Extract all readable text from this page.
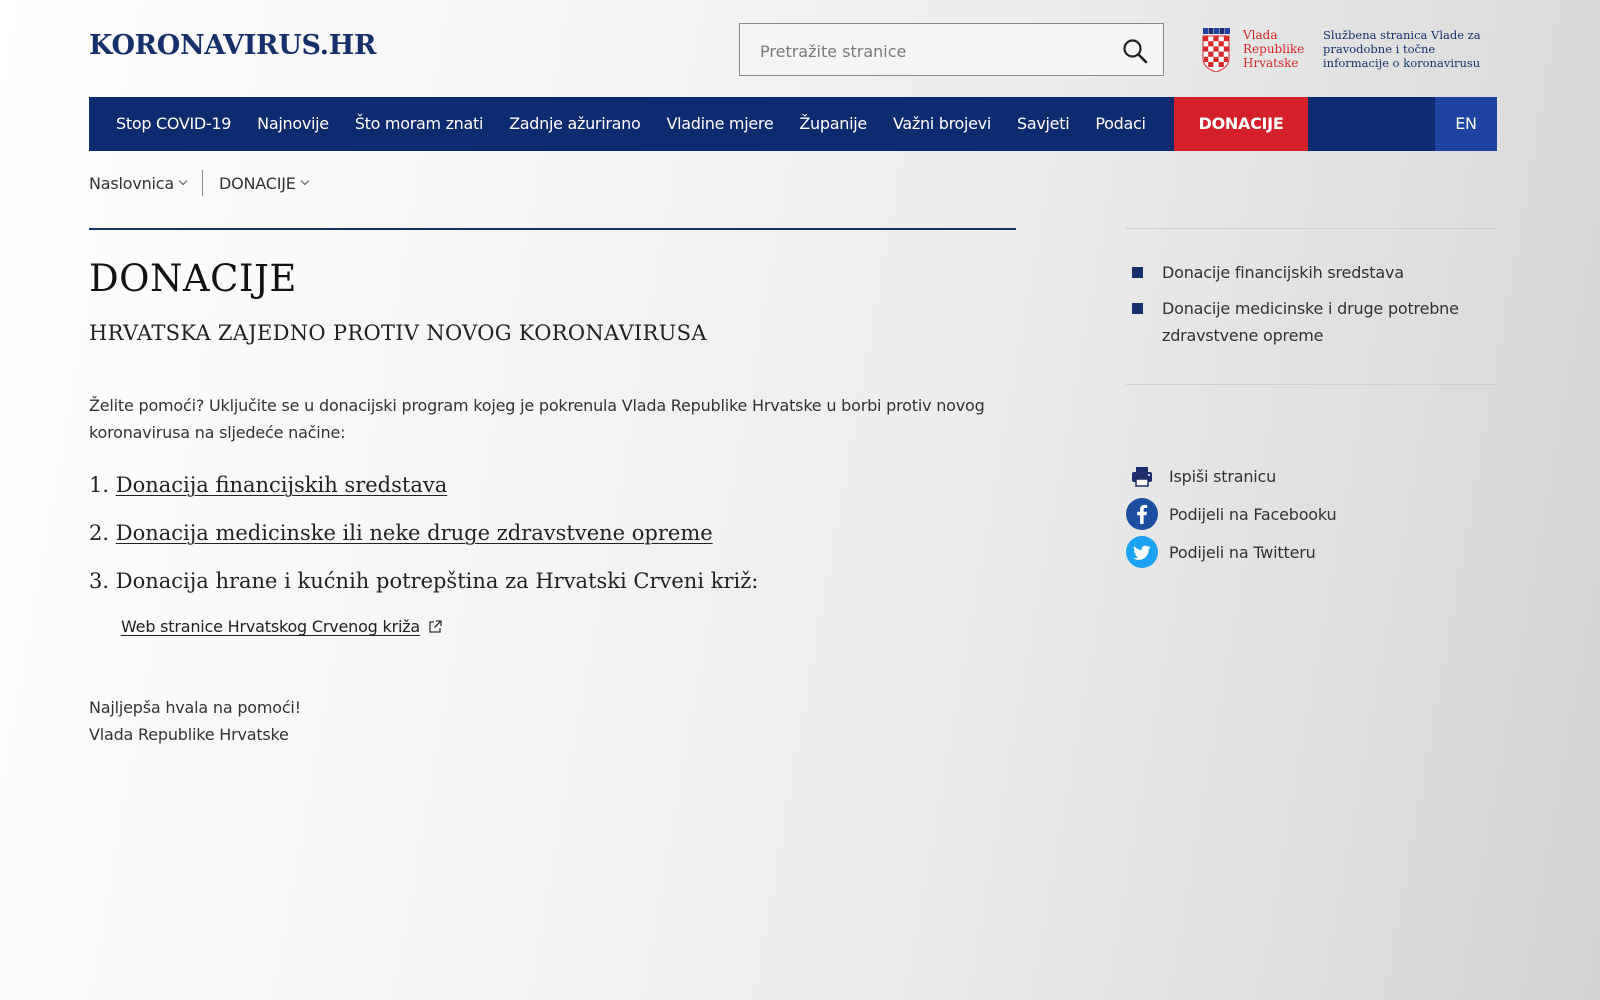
KORONAVIRUS.HR
Pretražite stranice	Vlada
Republike
Hrvatske
Službena stranica Vlade za pravodobne i točne informacije o koronavirusu
Stop COVID-19	Najnovije	Što moram znati	Zadnje ažurirano	Vladine mjere	Županije	Važni brojevi	Savjeti	Podaci	DONACIJE	EN
Naslovnica	DONACIJE
DONACIJE
HRVATSKA ZAJEDNO PROTIV NOVOG KORONAVIRUSA

Želite pomoći? Uključite se u donacijski program kojeg je pokrenula Vlada Republike Hrvatske u borbi protiv novog koronavirusa na sljedeće načine:

1. Donacija financijskih sredstava
2. Donacija medicinske ili neke druge zdravstvene opreme
3. Donacija hrane i kućnih potrepština za Hrvatski Crveni križ:
Web stranice Hrvatskog Crvenog križa
Najljepša hvala na pomoći!
Vlada Republike Hrvatske
Donacije financijskih sredstava
Donacije medicinske i druge potrebne zdravstvene opreme
Ispiši stranicu
Podijeli na Facebooku
Podijeli na Twitteru
